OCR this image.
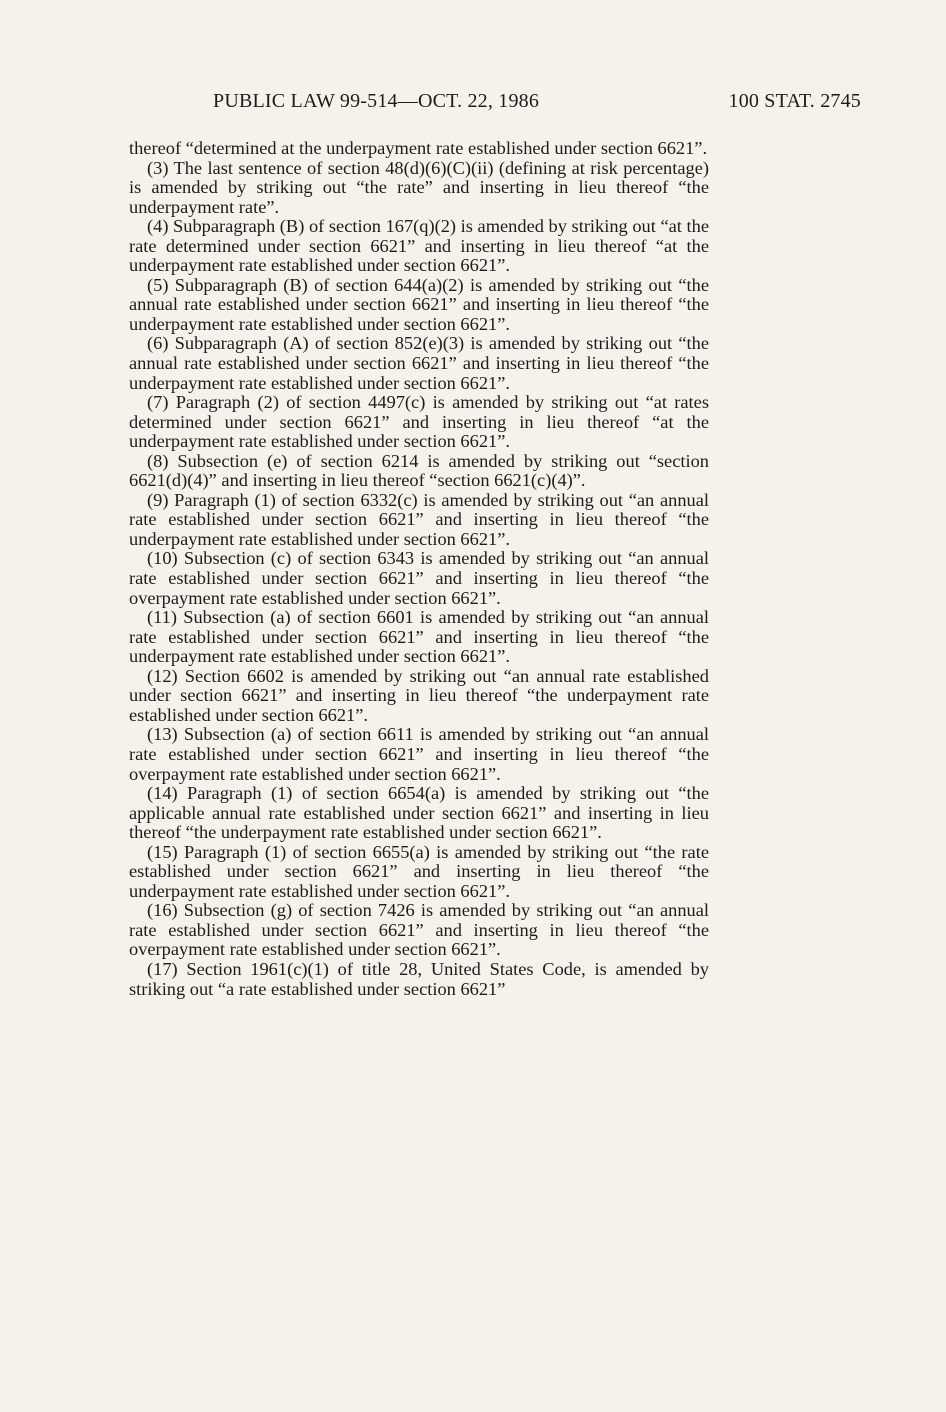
PUBLIC LAW 99-514—OCT. 22, 1986	100 STAT. 2745

thereof “determined at the underpayment rate established under section 6621”.

(3) The last sentence of section 48(d)(6)(C)(ii) (defining at risk percentage) is amended by striking out “the rate” and inserting in lieu thereof “the underpayment rate”.

(4) Subparagraph (B) of section 167(q)(2) is amended by striking out “at the rate determined under section 6621” and inserting in lieu thereof “at the underpayment rate established under section 6621”.

(5) Subparagraph (B) of section 644(a)(2) is amended by striking out “the annual rate established under section 6621” and inserting in lieu thereof “the underpayment rate established under section 6621”.

(6) Subparagraph (A) of section 852(e)(3) is amended by striking out “the annual rate established under section 6621” and inserting in lieu thereof “the underpayment rate established under section 6621”.

(7) Paragraph (2) of section 4497(c) is amended by striking out “at rates determined under section 6621” and inserting in lieu thereof “at the underpayment rate established under section 6621”.

(8) Subsection (e) of section 6214 is amended by striking out “section 6621(d)(4)” and inserting in lieu thereof “section 6621(c)(4)”.

(9) Paragraph (1) of section 6332(c) is amended by striking out “an annual rate established under section 6621” and inserting in lieu thereof “the underpayment rate established under section 6621”.

(10) Subsection (c) of section 6343 is amended by striking out “an annual rate established under section 6621” and inserting in lieu thereof “the overpayment rate established under section 6621”.

(11) Subsection (a) of section 6601 is amended by striking out “an annual rate established under section 6621” and inserting in lieu thereof “the underpayment rate established under section 6621”.

(12) Section 6602 is amended by striking out “an annual rate established under section 6621” and inserting in lieu thereof “the underpayment rate established under section 6621”.

(13) Subsection (a) of section 6611 is amended by striking out “an annual rate established under section 6621” and inserting in lieu thereof “the overpayment rate established under section 6621”.

(14) Paragraph (1) of section 6654(a) is amended by striking out “the applicable annual rate established under section 6621” and inserting in lieu thereof “the underpayment rate established under section 6621”.

(15) Paragraph (1) of section 6655(a) is amended by striking out “the rate established under section 6621” and inserting in lieu thereof “the underpayment rate established under section 6621”.

(16) Subsection (g) of section 7426 is amended by striking out “an annual rate established under section 6621” and inserting in lieu thereof “the overpayment rate established under section 6621”.

(17) Section 1961(c)(1) of title 28, United States Code, is amended by striking out “a rate established under section 6621”
